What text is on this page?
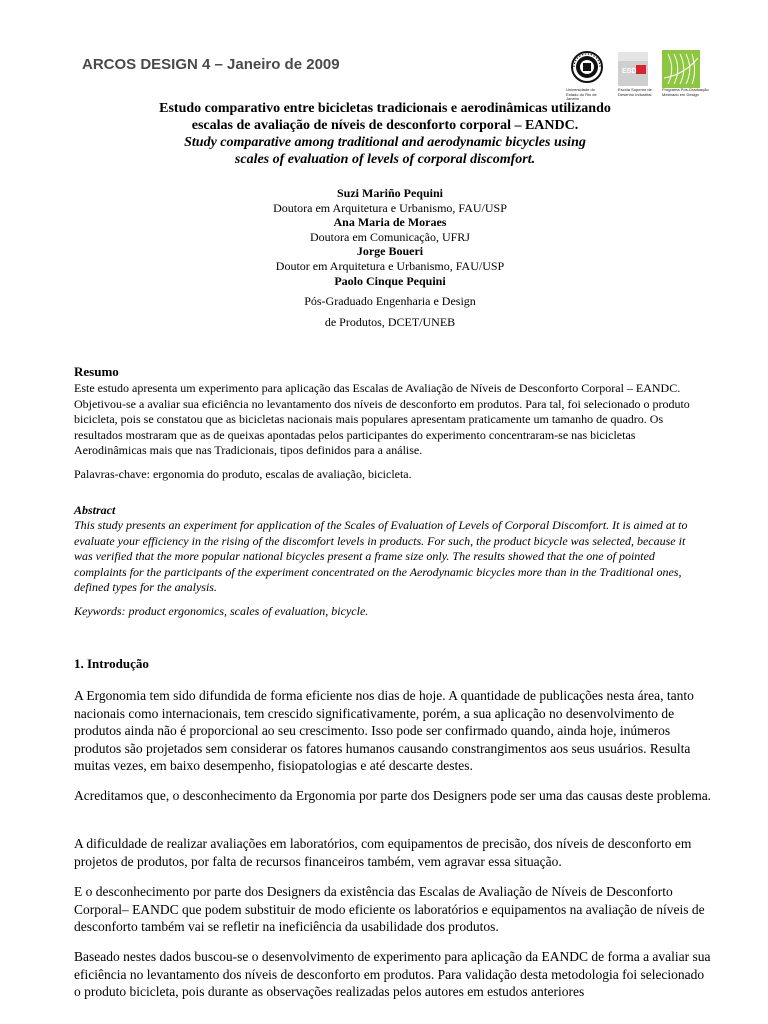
ARCOS DESIGN 4 – Janeiro de 2009
Universidade do Estado do Rio de Janeiro
ESD
Escola Superior de Desenho Industrial
Programa Pós-Graduação Mestrado em Design
Estudo comparativo entre bicicletas tradicionais e aerodinâmicas utilizando
escalas de avaliação de níveis de desconforto corporal – EANDC.
Study comparative among traditional and aerodynamic bicycles using
scales of evaluation of levels of corporal discomfort.
Suzi Mariño Pequini
Doutora em Arquitetura e Urbanismo, FAU/USP
Ana Maria de Moraes
Doutora em Comunicação, UFRJ
Jorge Boueri
Doutor em Arquitetura e Urbanismo, FAU/USP
Paolo Cinque Pequini
Pós-Graduado Engenharia e Design
de Produtos, DCET/UNEB
Resumo

Este estudo apresenta um experimento para aplicação das Escalas de Avaliação de Níveis de Desconforto Corporal – EANDC. Objetivou-se a avaliar sua eficiência no levantamento dos níveis de desconforto em produtos. Para tal, foi selecionado o produto bicicleta, pois se constatou que as bicicletas nacionais mais populares apresentam praticamente um tamanho de quadro. Os resultados mostraram que as de queixas apontadas pelos participantes do experimento concentraram-se nas bicicletas Aerodinâmicas mais que nas Tradicionais, tipos definidos para a análise.

Palavras-chave: ergonomia do produto, escalas de avaliação, bicicleta.

Abstract

This study presents an experiment for application of the Scales of Evaluation of Levels of Corporal Discomfort. It is aimed at to evaluate your efficiency in the rising of the discomfort levels in products. For such, the product bicycle was selected, because it was verified that the more popular national bicycles present a frame size only. The results showed that the one of pointed complaints for the participants of the experiment concentrated on the Aerodynamic bicycles more than in the Traditional ones, defined types for the analysis.

Keywords: product ergonomics, scales of evaluation, bicycle.

1. Introdução

A Ergonomia tem sido difundida de forma eficiente nos dias de hoje. A quantidade de publicações nesta área, tanto nacionais como internacionais, tem crescido significativamente, porém, a sua aplicação no desenvolvimento de produtos ainda não é proporcional ao seu crescimento. Isso pode ser confirmado quando, ainda hoje, inúmeros produtos são projetados sem considerar os fatores humanos causando constrangimentos aos seus usuários. Resulta muitas vezes, em baixo desempenho, fisiopatologias e até descarte destes.

Acreditamos que, o desconhecimento da Ergonomia por parte dos Designers pode ser uma das causas deste problema.

A dificuldade de realizar avaliações em laboratórios, com equipamentos de precisão, dos níveis de desconforto em projetos de produtos, por falta de recursos financeiros também, vem agravar essa situação.

E o desconhecimento por parte dos Designers da existência das Escalas de Avaliação de Níveis de Desconforto Corporal– EANDC que podem substituir de modo eficiente os laboratórios e equipamentos na avaliação de níveis de desconforto também vai se refletir na ineficiência da usabilidade dos produtos.

Baseado nestes dados buscou-se o desenvolvimento de experimento para aplicação da EANDC de forma a avaliar sua eficiência no levantamento dos níveis de desconforto em produtos. Para validação desta metodologia foi selecionado o produto bicicleta, pois durante as observações realizadas pelos autores em estudos anteriores
